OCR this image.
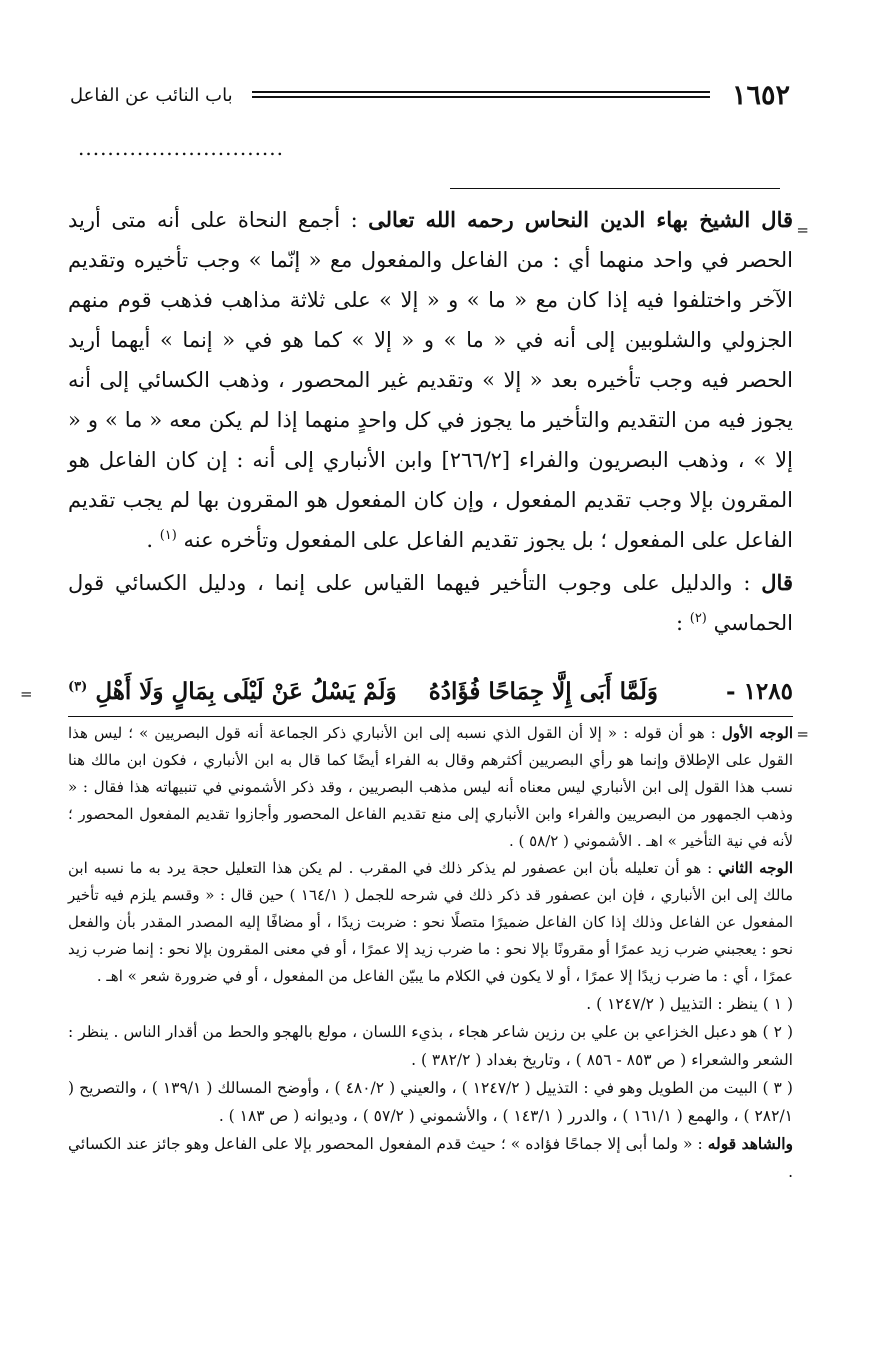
١٦٥٢
باب النائب عن الفاعل
............................
=

قال الشيخ بهاء الدين النحاس رحمه الله تعالى : أجمع النحاة على أنه متى أريد الحصر في واحد منهما أي : من الفاعل والمفعول مع « إنّما » وجب تأخيره وتقديم الآخر واختلفوا فيه إذا كان مع « ما » و « إلا » على ثلاثة مذاهب فذهب قوم منهم الجزولي والشلوبين إلى أنه في « ما » و « إلا » كما هو في « إنما » أيهما أريد الحصر فيه وجب تأخيره بعد « إلا » وتقديم غير المحصور ، وذهب الكسائي إلى أنه يجوز فيه من التقديم والتأخير ما يجوز في كل واحدٍ منهما إذا لم يكن معه « ما » و « إلا » ، وذهب البصريون والفراء [٢٦٦/٢] وابن الأنباري إلى أنه : إن كان الفاعل هو المقرون بإلا وجب تقديم المفعول ، وإن كان المفعول هو المقرون بها لم يجب تقديم الفاعل على المفعول ؛ بل يجوز تقديم الفاعل على المفعول وتأخره عنه $^{(١)}$ .

قال : والدليل على وجوب التأخير فيهما القياس على إنما ، ودليل الكسائي قول الحماسي $^{(٢)}$ :

١٢٨٥ -
وَلَمَّا أَبَى إِلَّا جِمَاحًا فُؤَادُهُ
وَلَمْ يَسْلُ عَنْ لَيْلَى بِمَالٍ وَلَا أَهْلِ $^{(٣)}$
=
=

الوجه الأول : هو أن قوله : « إلا أن القول الذي نسبه إلى ابن الأنباري ذكر الجماعة أنه قول البصريين » ؛ ليس هذا القول على الإطلاق وإنما هو رأي البصريين أكثرهم وقال به الفراء أيضًا كما قال به ابن الأنباري ، فكون ابن مالك هنا نسب هذا القول إلى ابن الأنباري ليس معناه أنه ليس مذهب البصريين ، وقد ذكر الأشموني في تنبيهاته هذا فقال : « وذهب الجمهور من البصريين والفراء وابن الأنباري إلى منع تقديم الفاعل المحصور وأجازوا تقديم المفعول المحصور ؛ لأنه في نية التأخير » اهـ . الأشموني ( ٥٨/٢ ) .

الوجه الثاني : هو أن تعليله بأن ابن عصفور لم يذكر ذلك في المقرب . لم يكن هذا التعليل حجة يرد به ما نسبه ابن مالك إلى ابن الأنباري ، فإن ابن عصفور قد ذكر ذلك في شرحه للجمل ( ١٦٤/١ ) حين قال : « وقسم يلزم فيه تأخير المفعول عن الفاعل وذلك إذا كان الفاعل ضميرًا متصلًا نحو : ضربت زيدًا ، أو مضافًا إليه المصدر المقدر بأن والفعل نحو : يعجبني ضرب زيد عمرًا أو مقرونًا بإلا نحو : ما ضرب زيد إلا عمرًا ، أو في معنى المقرون بإلا نحو : إنما ضرب زيد عمرًا ، أي : ما ضرب زيدًا إلا عمرًا ، أو لا يكون في الكلام ما يبيّن الفاعل من المفعول ، أو في ضرورة شعر » اهـ .

( ١ ) ينظر : التذييل ( ١٢٤٧/٢ ) .

( ٢ ) هو دعبل الخزاعي بن علي بن رزين شاعر هجاء ، بذيء اللسان ، مولع بالهجو والحط من أقدار الناس . ينظر : الشعر والشعراء ( ص ٨٥٣ - ٨٥٦ ) ، وتاريخ بغداد ( ٣٨٢/٢ ) .

( ٣ ) البيت من الطويل وهو في : التذييل ( ١٢٤٧/٢ ) ، والعيني ( ٤٨٠/٢ ) ، وأوضح المسالك ( ١٣٩/١ ) ، والتصريح ( ٢٨٢/١ ) ، والهمع ( ١٦١/١ ) ، والدرر ( ١٤٣/١ ) ، والأشموني ( ٥٧/٢ ) ، وديوانه ( ص ١٨٣ ) .

والشاهد قوله : « ولما أبى إلا جماحًا فؤاده » ؛ حيث قدم المفعول المحصور بإلا على الفاعل وهو جائز عند الكسائي .
